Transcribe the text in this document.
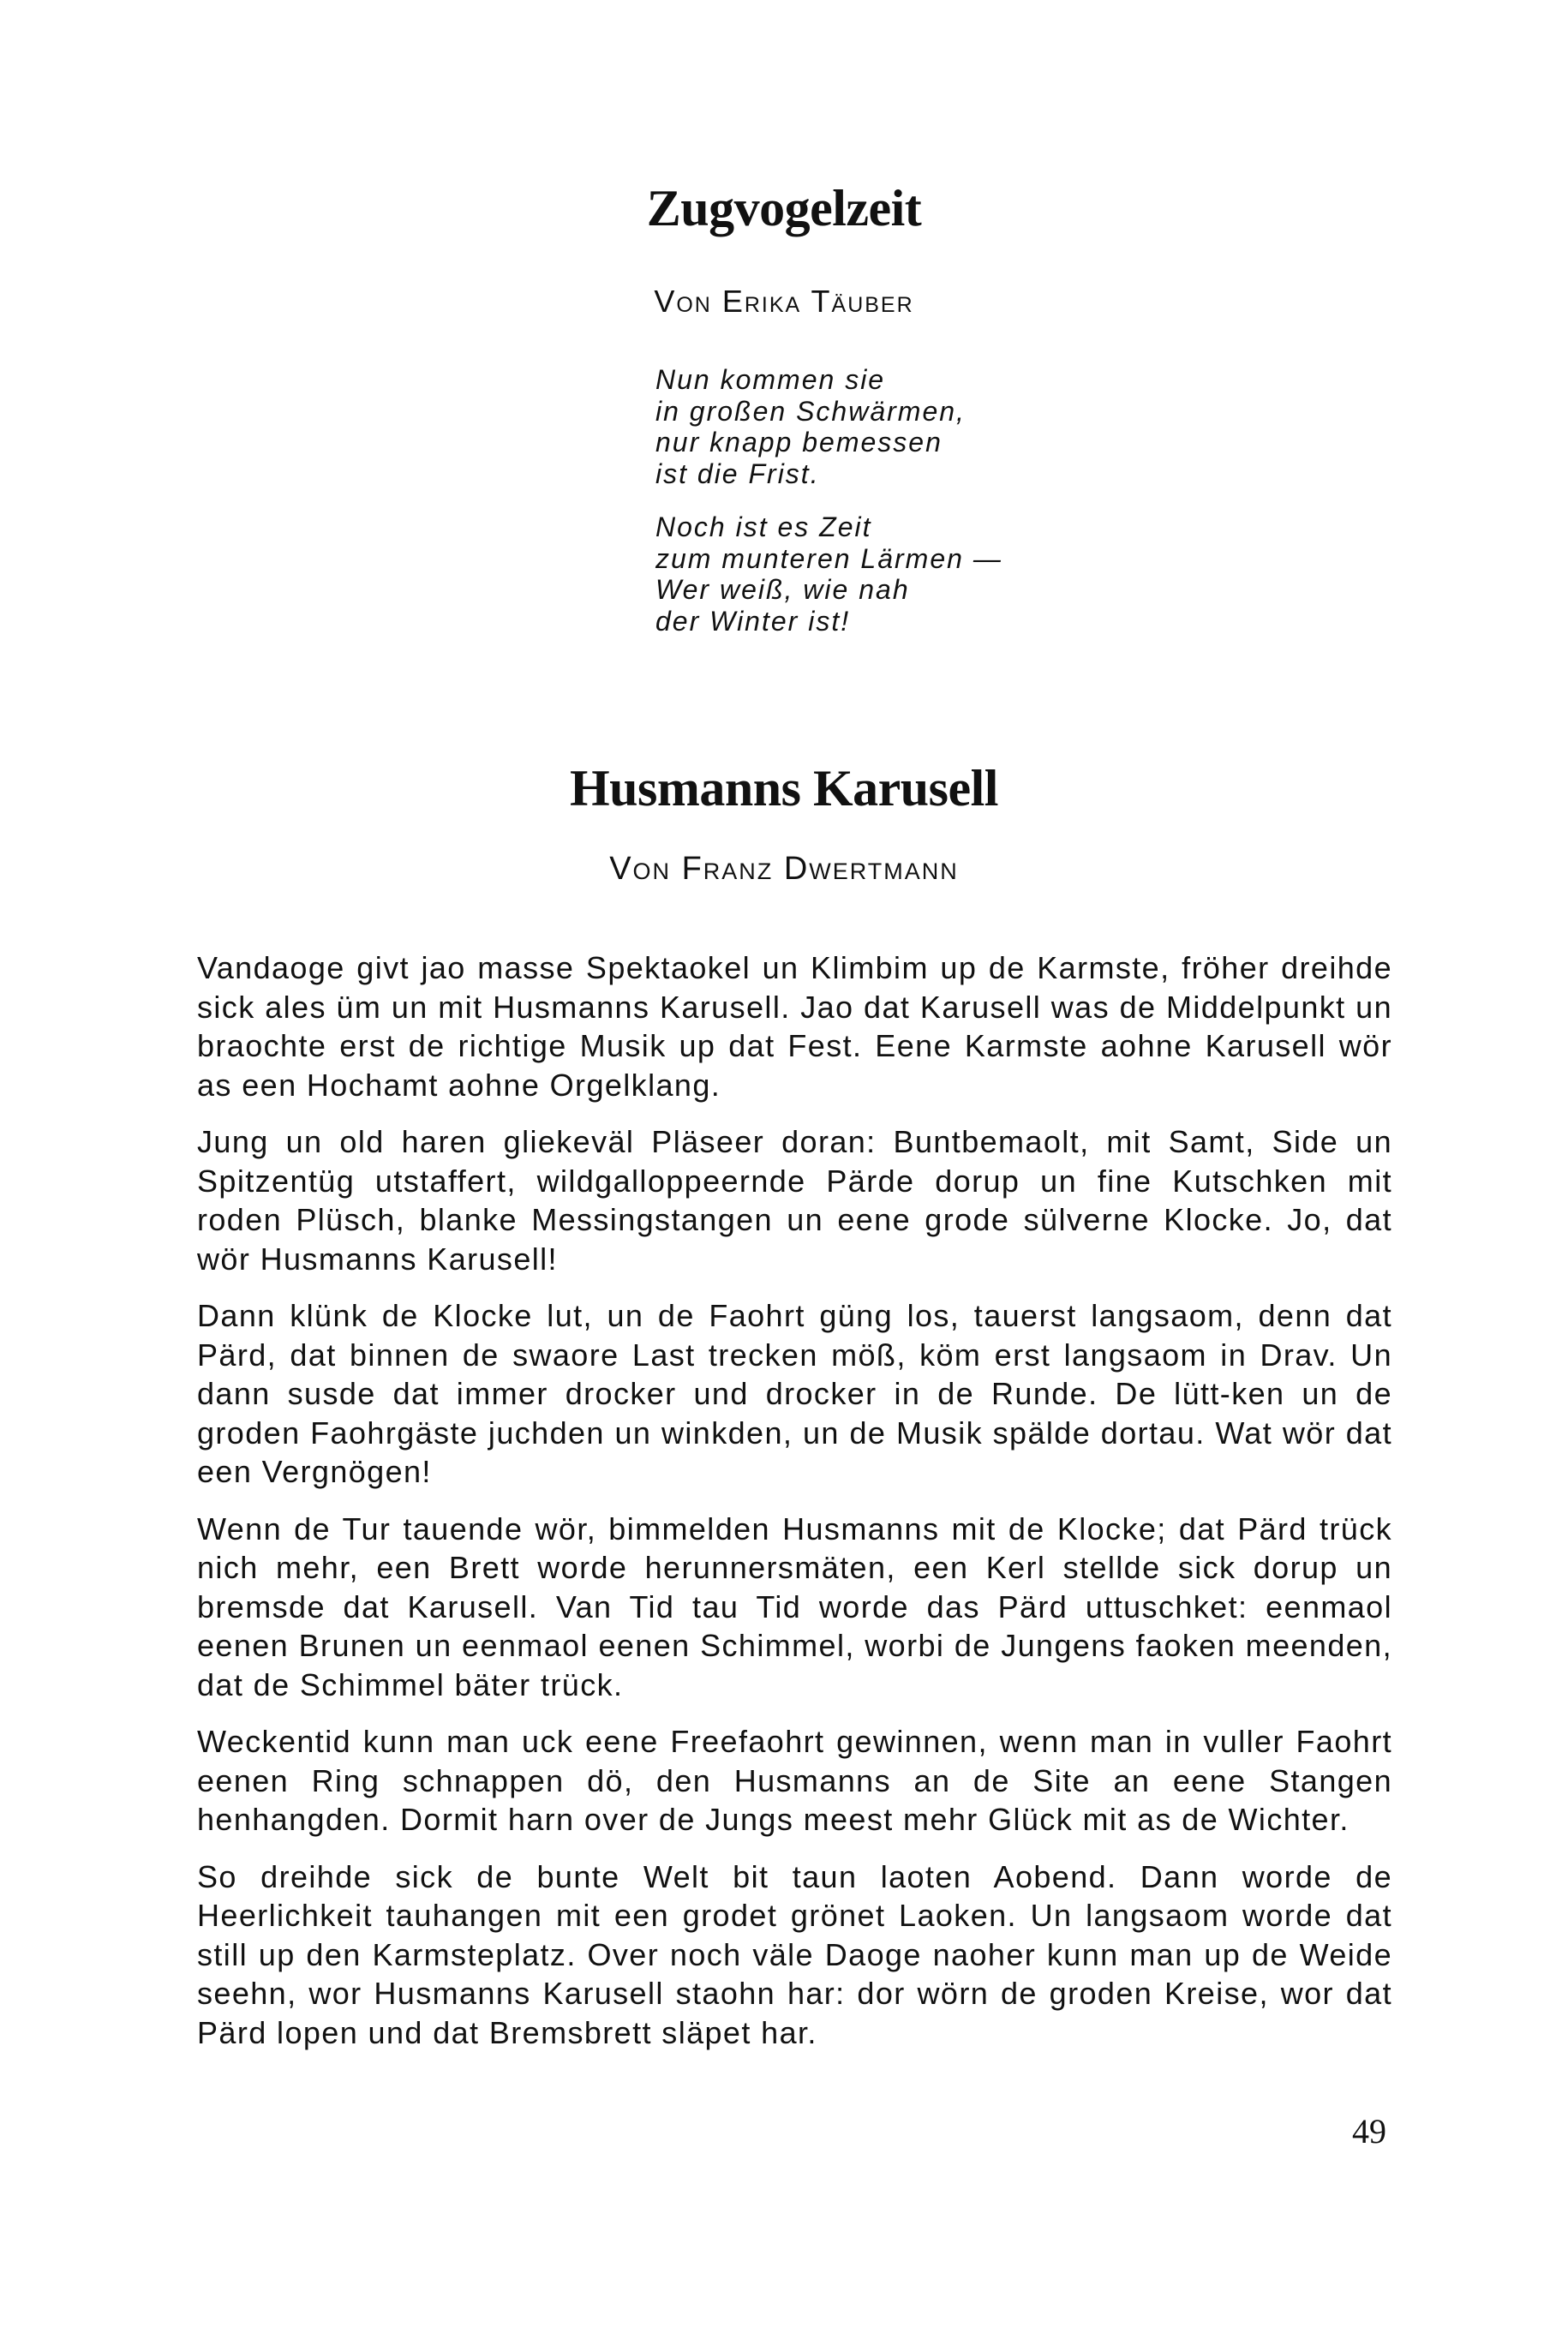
Zugvogelzeit
Von Erika Täuber
Nun kommen sie
in großen Schwärmen,
nur knapp bemessen
ist die Frist.
Noch ist es Zeit
zum munteren Lärmen —
Wer weiß, wie nah
der Winter ist!
Husmanns Karusell
Von Franz Dwertmann

Vandaoge givt jao masse Spektaokel un Klimbim up de Karmste, fröher dreihde sick ales üm un mit Husmanns Karusell. Jao dat Karusell was de Middelpunkt un braochte erst de richtige Musik up dat Fest. Eene Karmste aohne Karusell wör as een Hochamt aohne Orgelklang.

Jung un old haren gliekeväl Pläseer doran: Buntbemaolt, mit Samt, Side un Spitzentüg utstaffert, wildgalloppeernde Pärde dorup un fine Kutschken mit roden Plüsch, blanke Messingstangen un eene grode sülverne Klocke. Jo, dat wör Husmanns Karusell!

Dann klünk de Klocke lut, un de Faohrt güng los, tauerst langsaom, denn dat Pärd, dat binnen de swaore Last trecken möß, köm erst langsaom in Drav. Un dann susde dat immer drocker und drocker in de Runde. De lütt-ken un de groden Faohrgäste juchden un winkden, un de Musik spälde dortau. Wat wör dat een Vergnögen!

Wenn de Tur tauende wör, bimmelden Husmanns mit de Klocke; dat Pärd trück nich mehr, een Brett worde herunnersmäten, een Kerl stellde sick dorup un bremsde dat Karusell. Van Tid tau Tid worde das Pärd uttuschket: eenmaol eenen Brunen un eenmaol eenen Schimmel, worbi de Jungens faoken meenden, dat de Schimmel bäter trück.

Weckentid kunn man uck eene Freefaohrt gewinnen, wenn man in vuller Faohrt eenen Ring schnappen dö, den Husmanns an de Site an eene Stangen henhangden. Dormit harn over de Jungs meest mehr Glück mit as de Wichter.

So dreihde sick de bunte Welt bit taun laoten Aobend. Dann worde de Heerlichkeit tauhangen mit een grodet grönet Laoken. Un langsaom worde dat still up den Karmsteplatz. Over noch väle Daoge naoher kunn man up de Weide seehn, wor Husmanns Karusell staohn har: dor wörn de groden Kreise, wor dat Pärd lopen und dat Bremsbrett släpet har.

49
